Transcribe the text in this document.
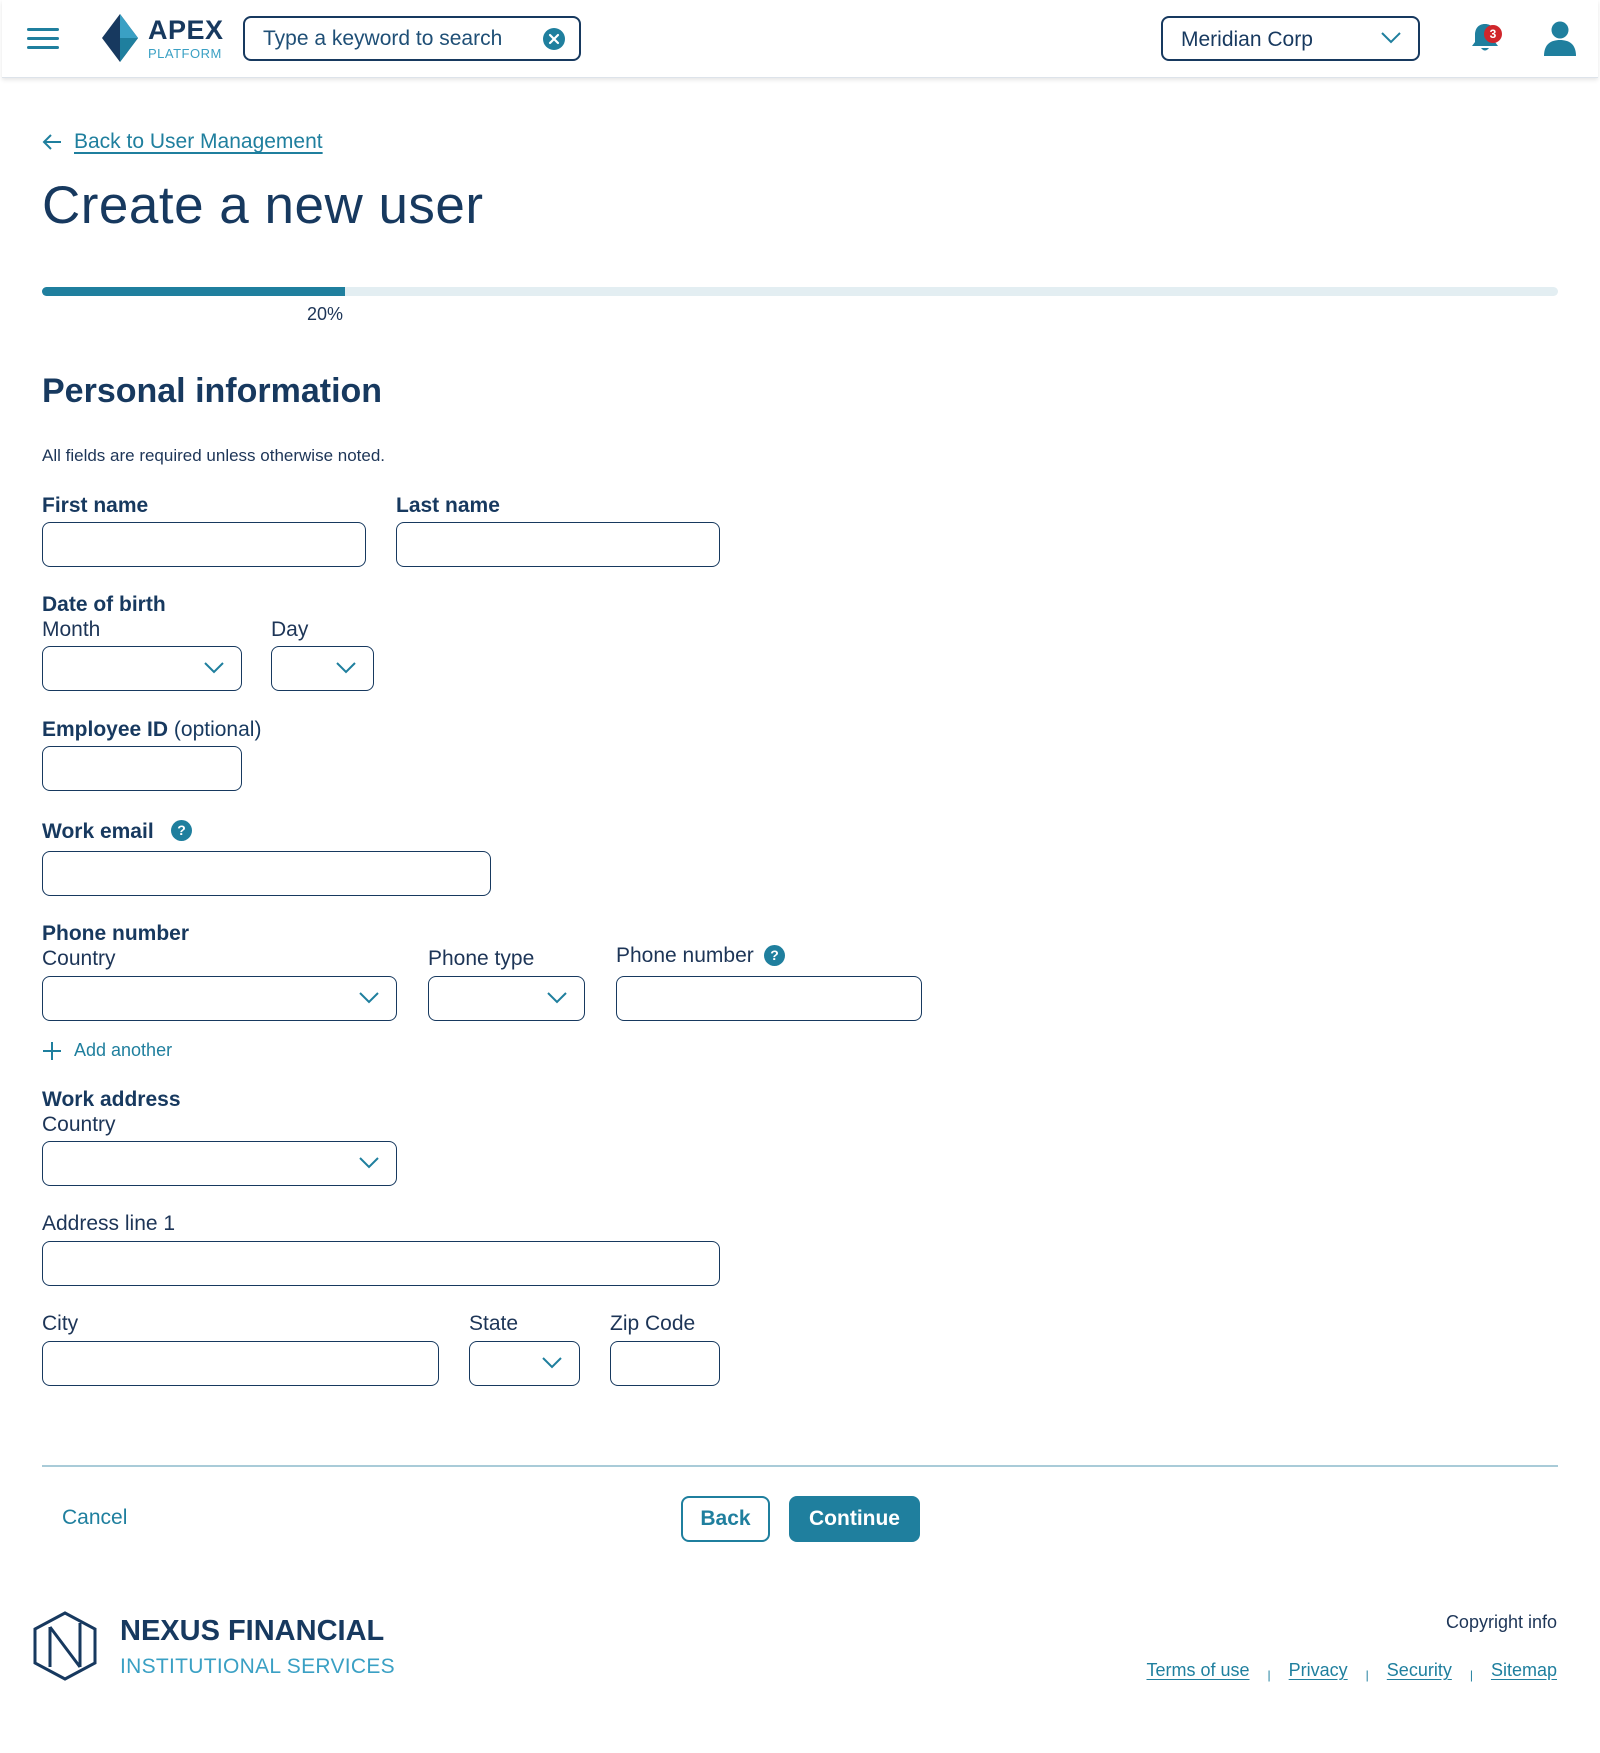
APEX
PLATFORM
Type a keyword to search
Meridian Corp	3
Back to User Management
Create a new user
20%
Personal information
All fields are required unless otherwise noted.
First name	Last name
Date of birth
Month	Day
Employee ID (optional)
Work email	?
Phone number
Country	Phone type	Phone number	?
Add another
Work address
Country
Address line 1
City	State	Zip Code
Cancel	Back	Continue
NEXUS FINANCIAL
INSTITUTIONAL SERVICES
Copyright info
Terms of use | Privacy | Security | Sitemap
